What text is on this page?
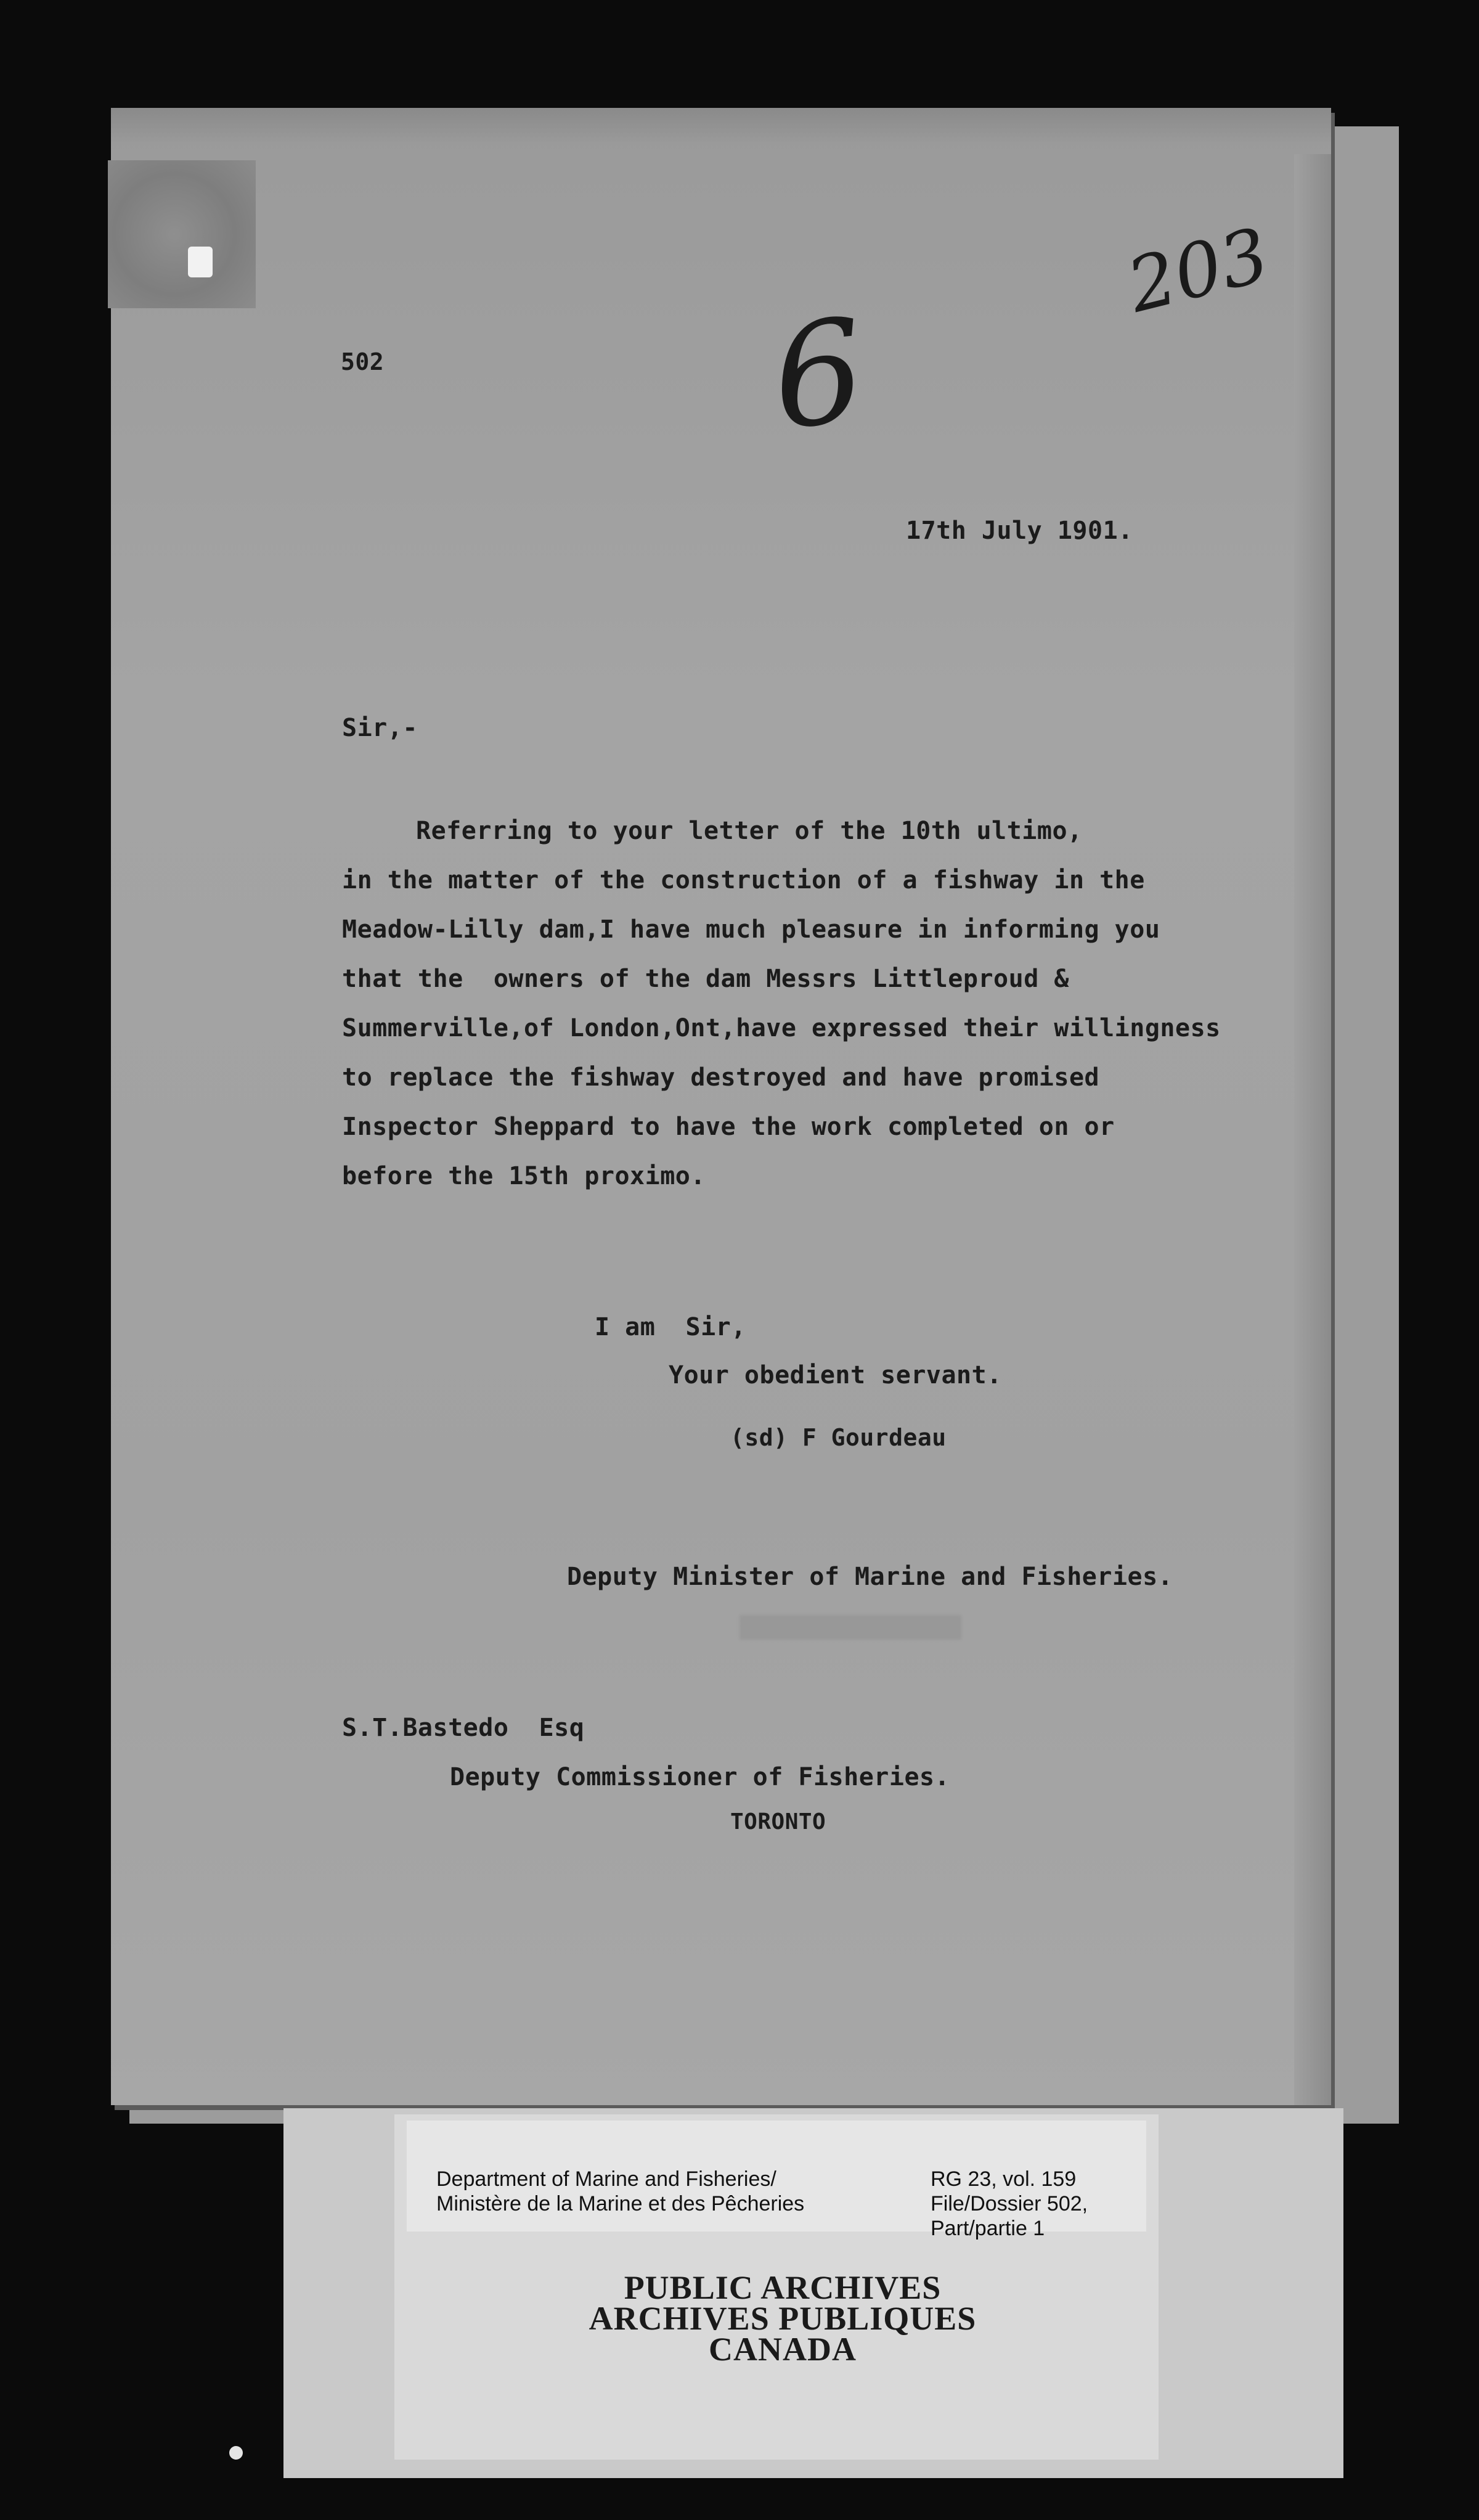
203
6
502
17th July 1901.
Sir,-
Referring to your letter of the 10th ultimo,
in the matter of the construction of a fishway in the
Meadow-Lilly dam,I have much pleasure in informing you
that the  owners of the dam Messrs Littleproud &
Summerville,of London,Ont,have expressed their willingness
to replace the fishway destroyed and have promised
Inspector Sheppard to have the work completed on or
before the 15th proximo.
I am  Sir,
Your obedient servant.
(sd) F Gourdeau
Deputy Minister of Marine and Fisheries.
S.T.Bastedo  Esq
Deputy Commissioner of Fisheries.
TORONTO
Department of Marine and Fisheries/
Ministère de la Marine et des Pêcheries
RG 23, vol. 159
File/Dossier 502,
Part/partie 1
PUBLIC ARCHIVES
ARCHIVES PUBLIQUES
CANADA
